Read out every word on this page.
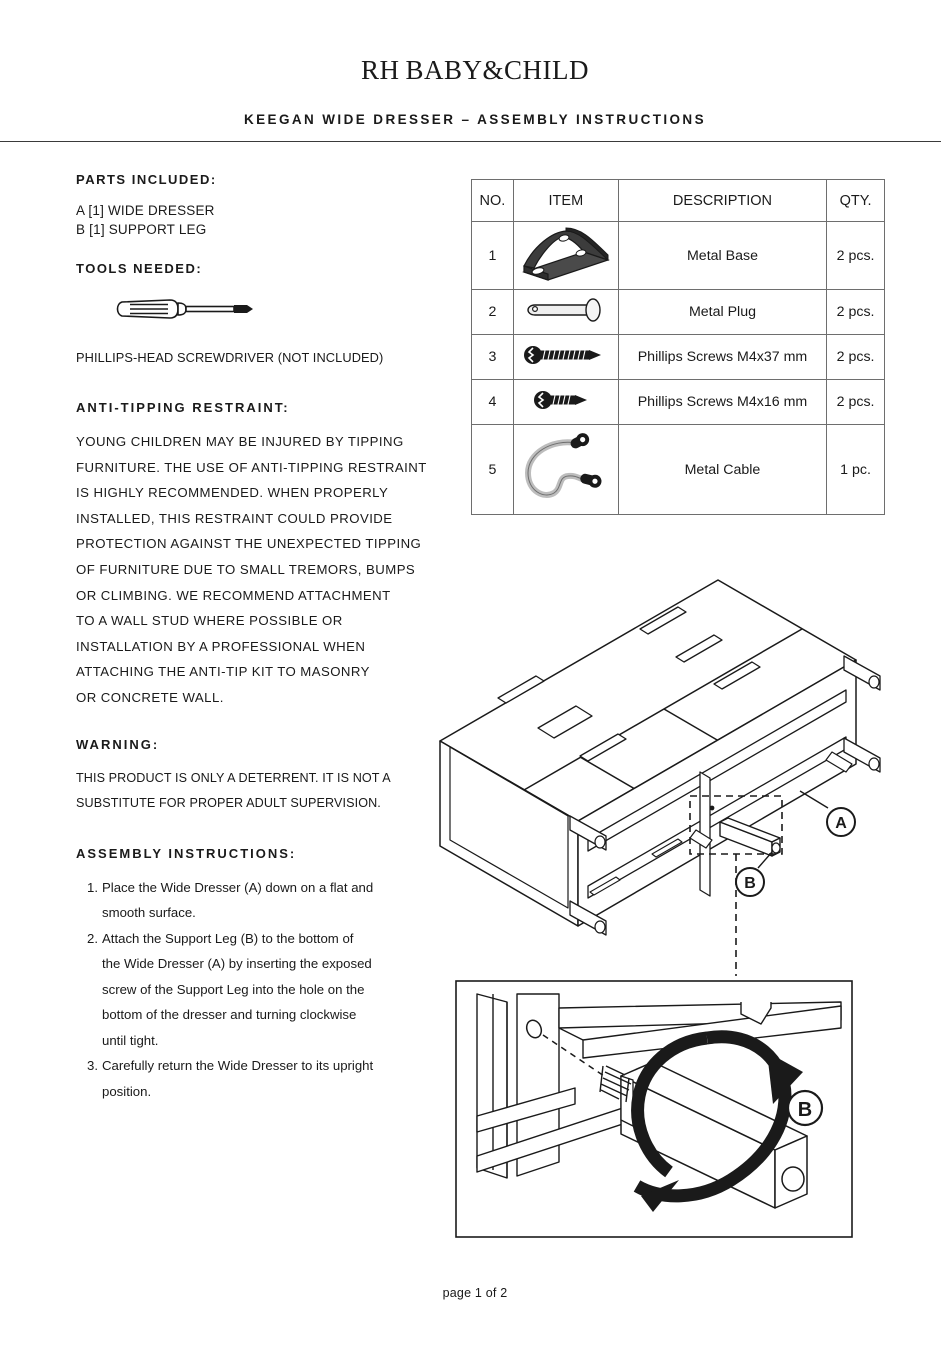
RH BABY&CHILD
KEEGAN WIDE DRESSER – ASSEMBLY INSTRUCTIONS
PARTS INCLUDED:

A [1] WIDE DRESSER

B [1] SUPPORT LEG

TOOLS NEEDED:

PHILLIPS-HEAD SCREWDRIVER (NOT INCLUDED)

ANTI-TIPPING RESTRAINT:

YOUNG CHILDREN MAY BE INJURED BY TIPPING

FURNITURE. THE USE OF ANTI-TIPPING RESTRAINT

IS HIGHLY RECOMMENDED. WHEN PROPERLY

INSTALLED, THIS RESTRAINT COULD PROVIDE

PROTECTION AGAINST THE UNEXPECTED TIPPING

OF FURNITURE DUE TO SMALL TREMORS, BUMPS

OR CLIMBING. WE RECOMMEND ATTACHMENT

TO A WALL STUD WHERE POSSIBLE OR

INSTALLATION BY A PROFESSIONAL WHEN

ATTACHING THE ANTI-TIP KIT TO MASONRY

OR CONCRETE WALL.

WARNING:

THIS PRODUCT IS ONLY A DETERRENT. IT IS NOT A

SUBSTITUTE FOR PROPER ADULT SUPERVISION.

ASSEMBLY INSTRUCTIONS:
1. Place the Wide Dresser (A) down on a flat and
smooth surface.
2. Attach the Support Leg (B) to the bottom of
the Wide Dresser (A) by inserting the exposed
screw of the Support Leg into the hole on the
bottom of the dresser and turning clockwise
until tight.
3. Carefully return the Wide Dresser to its upright
position.
NO.	ITEM	DESCRIPTION	QTY.
1		Metal Base	2 pcs.
2		Metal Plug	2 pcs.
3		Phillips Screws M4x37 mm	2 pcs.
4		Phillips Screws M4x16 mm	2 pcs.
5		Metal Cable	1 pc.
A
B
B
page 1 of 2
